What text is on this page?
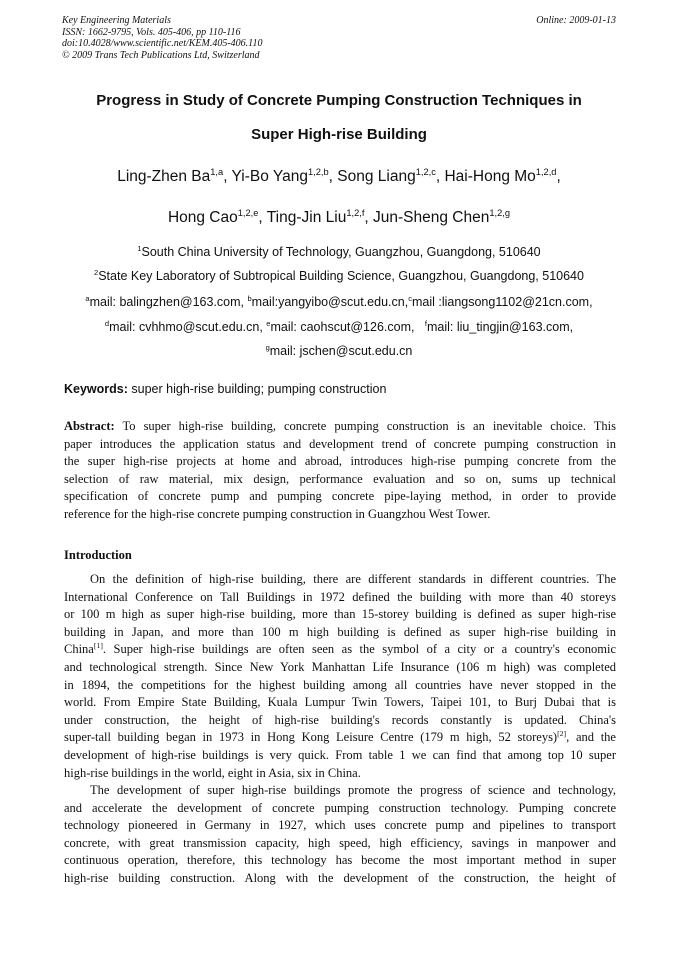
Key Engineering Materials
ISSN: 1662-9795, Vols. 405-406, pp 110-116
doi:10.4028/www.scientific.net/KEM.405-406.110
© 2009 Trans Tech Publications Ltd, Switzerland
Online: 2009-01-13
Progress in Study of Concrete Pumping Construction Techniques in
Super High-rise Building
Ling-Zhen Ba$^{1,a}$, Yi-Bo Yang$^{1,2,b}$, Song Liang$^{1,2,c}$, Hai-Hong Mo$^{1,2,d}$,
Hong Cao$^{1,2,e}$, Ting-Jin Liu$^{1,2,f}$, Jun-Sheng Chen$^{1,2,g}$
$^1$South China University of Technology, Guangzhou, Guangdong, 510640
$^2$State Key Laboratory of Subtropical Building Science, Guangzhou, Guangdong, 510640
$^a$mail: balingzhen@163.com, $^b$mail:yangyibo@scut.edu.cn,$^c$mail :liangsong1102@21cn.com,
$^d$mail: cvhhmo@scut.edu.cn, $^e$mail: caohscut@126.com, $^f$mail: liu_tingjin@163.com,
$^g$mail: jschen@scut.edu.cn
Keywords: super high-rise building; pumping construction
Abstract: To super high-rise building, concrete pumping construction is an inevitable choice. This
paper introduces the application status and development trend of concrete pumping construction in
the super high-rise projects at home and abroad, introduces high-rise pumping concrete from the
selection of raw material, mix design, performance evaluation and so on, sums up technical
specification of concrete pump and pumping concrete pipe-laying method, in order to provide
reference for the high-rise concrete pumping construction in Guangzhou West Tower.
Introduction
On the definition of high-rise building, there are different standards in different countries. The
International Conference on Tall Buildings in 1972 defined the building with more than 40 storeys
or 100 m high as super high-rise building, more than 15-storey building is defined as super high-rise
building in Japan, and more than 100 m high building is defined as super high-rise building in
China[1]. Super high-rise buildings are often seen as the symbol of a city or a country's economic
and technological strength. Since New York Manhattan Life Insurance (106 m high) was completed
in 1894, the competitions for the highest building among all countries have never stopped in the
world. From Empire State Building, Kuala Lumpur Twin Towers, Taipei 101, to Burj Dubai that is
under construction, the height of high-rise building's records constantly is updated. China's
super-tall building began in 1973 in Hong Kong Leisure Centre (179 m high, 52 storeys)[2], and the
development of high-rise buildings is very quick. From table 1 we can find that among top 10 super
high-rise buildings in the world, eight in Asia, six in China.
The development of super high-rise buildings promote the progress of science and technology,
and accelerate the development of concrete pumping construction technology. Pumping concrete
technology pioneered in Germany in 1927, which uses concrete pump and pipelines to transport
concrete, with great transmission capacity, high speed, high efficiency, savings in manpower and
continuous operation, therefore, this technology has become the most important method in super
high-rise building construction. Along with the development of the construction, the height of
